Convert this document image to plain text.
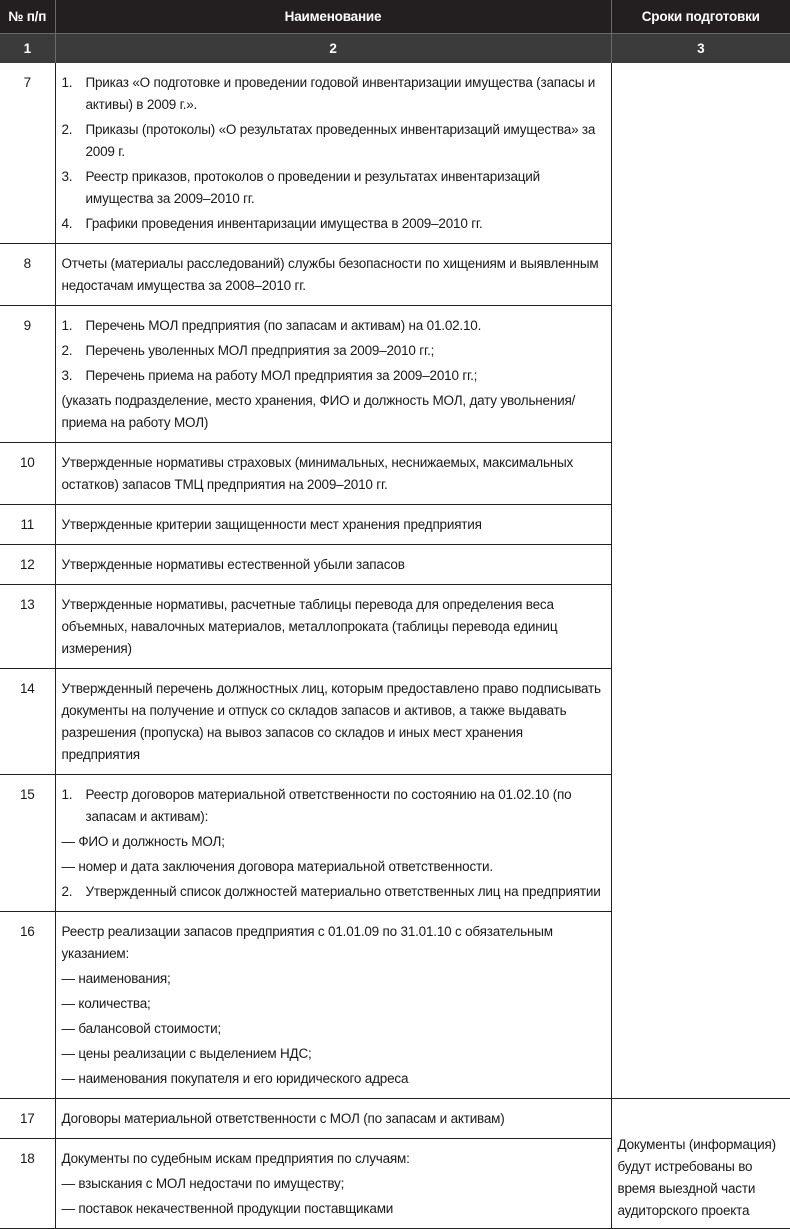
№ п/п	Наименование	Сроки подготовки
1	2	3
7	1. Приказ «О подготовке и проведении годовой инвентаризации имущества (запасы и активы) в 2009 г.».
2. Приказы (протоколы) «О результатах проведенных инвентаризаций имущества» за 2009 г.
3. Реестр приказов, протоколов о проведении и результатах инвентаризаций имущества за 2009–2010 гг.
4. Графики проведения инвентаризации имущества в 2009–2010 гг.

8	Отчеты (материалы расследований) службы безопасности по хищениям и выявленным недостачам имущества за 2008–2010 гг.
9	1. Перечень МОЛ предприятия (по запасам и активам) на 01.02.10.
2. Перечень уволенных МОЛ предприятия за 2009–2010 гг.;
3. Перечень приема на работу МОЛ предприятия за 2009–2010 гг.;
(указать подразделение, место хранения, ФИО и должность МОЛ, дату увольнения/приема на работу МОЛ)

10	Утвержденные нормативы страховых (минимальных, неснижаемых, максимальных остатков) запасов ТМЦ предприятия на 2009–2010 гг.
11	Утвержденные критерии защищенности мест хранения предприятия
12	Утвержденные нормативы естественной убыли запасов
13	Утвержденные нормативы, расчетные таблицы перевода для определения веса объемных, навалочных материалов, металлопроката (таблицы перевода единиц измерения)
14	Утвержденный перечень должностных лиц, которым предоставлено право подписывать документы на получение и отпуск со складов запасов и активов, а также выдавать разрешения (пропуска) на вывоз запасов со складов и иных мест хранения предприятия
15	1. Реестр договоров материальной ответственности по состоянию на 01.02.10 (по запасам и активам):
— ФИО и должность МОЛ;
— номер и дата заключения договора материальной ответственности.
2. Утвержденный список должностей материально ответственных лиц на предприятии

16	Реестр реализации запасов предприятия с 01.01.09 по 31.01.10 с обязательным указанием:
— наименования;
— количества;
— балансовой стоимости;
— цены реализации с выделением НДС;
— наименования покупателя и его юридического адреса

17	Договоры материальной ответственности с МОЛ (по запасам и активам)	Документы (информация) будут истребованы во время выездной части аудиторского проекта
18	Документы по судебным искам предприятия по случаям:
— взыскания с МОЛ недостачи по имуществу;
— поставок некачественной продукции поставщиками
